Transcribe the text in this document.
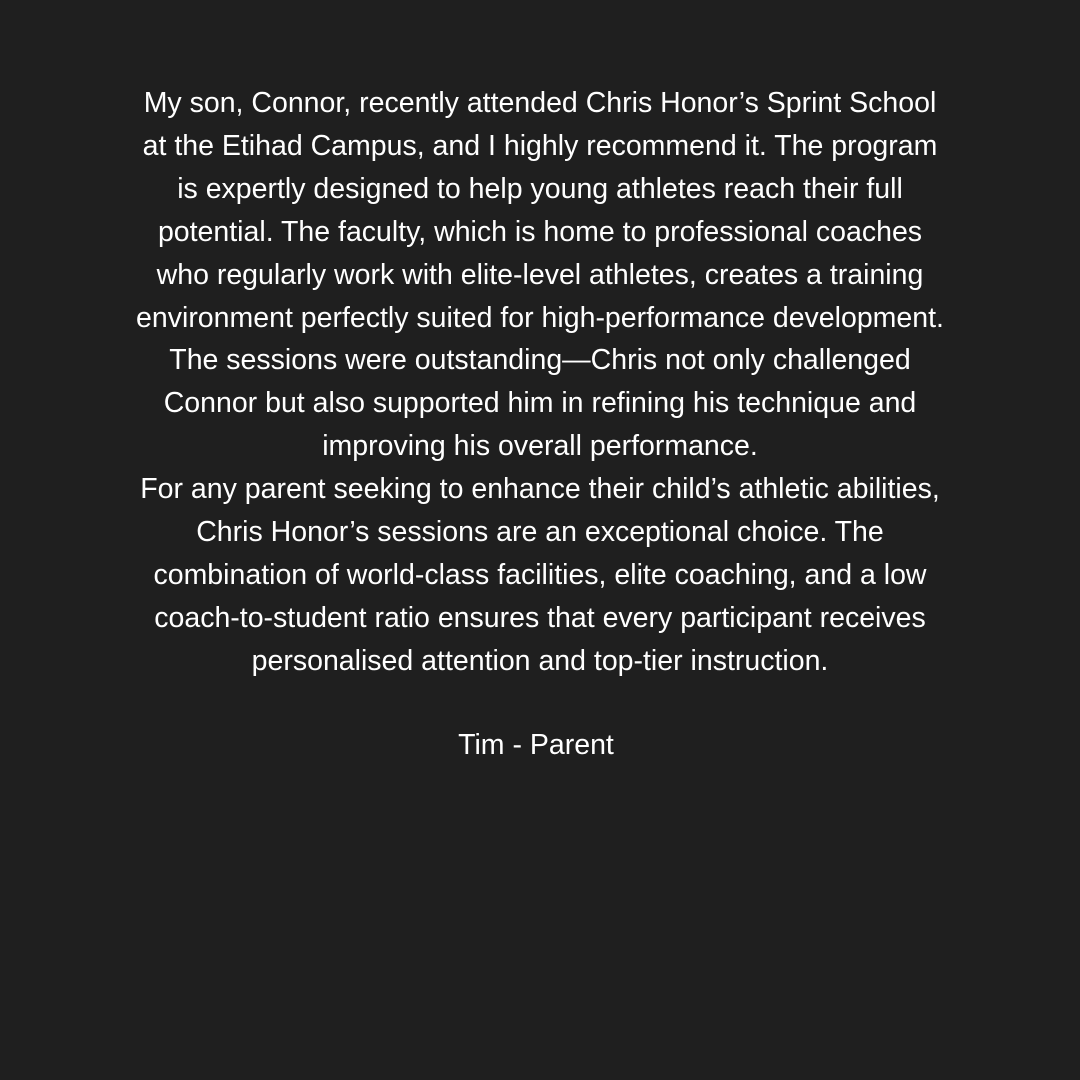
My son, Connor, recently attended Chris Honor’s Sprint School
at the Etihad Campus, and I highly recommend it. The program
is expertly designed to help young athletes reach their full
potential. The faculty, which is home to professional coaches
who regularly work with elite-level athletes, creates a training
environment perfectly suited for high-performance development.
The sessions were outstanding—Chris not only challenged
Connor but also supported him in refining his technique and
improving his overall performance.
For any parent seeking to enhance their child’s athletic abilities,
Chris Honor’s sessions are an exceptional choice. The
combination of world-class facilities, elite coaching, and a low
coach-to-student ratio ensures that every participant receives
personalised attention and top-tier instruction.
Tim - Parent
